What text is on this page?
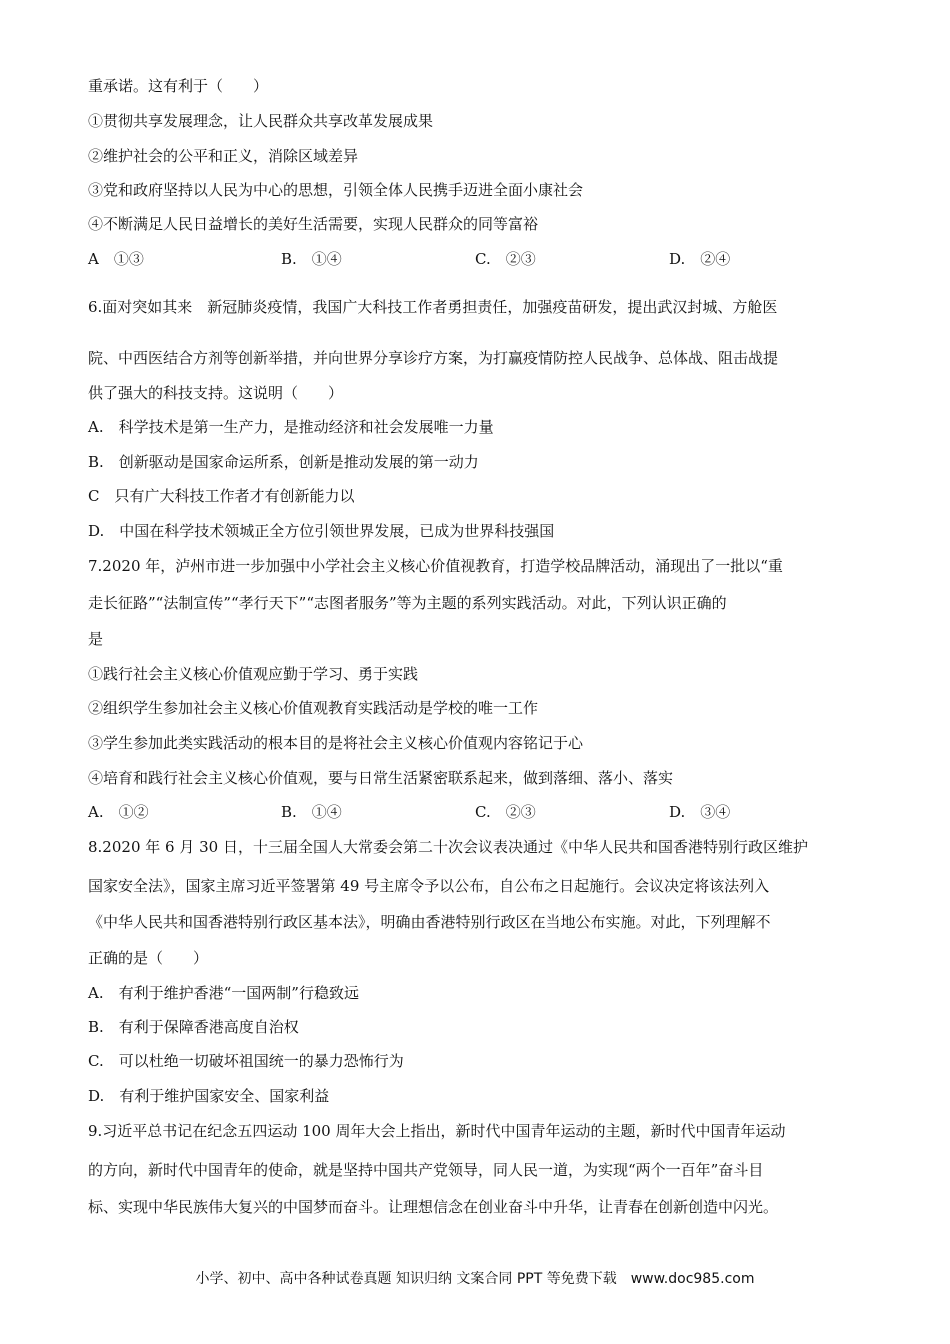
重承诺。这有利于（　　）
①贯彻共享发展理念，让人民群众共享改革发展成果
②维护社会的公平和正义，消除区域差异
③党和政府坚持以人民为中心的思想，引领全体人民携手迈进全面小康社会
④不断满足人民日益增长的美好生活需要，实现人民群众的同等富裕
A　①③	B.　①④	C.　②③	D.　②④
6.面对突如其来　新冠肺炎疫情，我国广大科技工作者勇担责任，加强疫苗研发，提出武汉封城、方舱医
院、中西医结合方剂等创新举措，并向世界分享诊疗方案，为打赢疫情防控人民战争、总体战、阻击战提
供了强大的科技支持。这说明（　　）
A.　科学技术是第一生产力，是推动经济和社会发展唯一力量
B.　创新驱动是国家命运所系，创新是推动发展的第一动力
C　只有广大科技工作者才有创新能力以
D.　中国在科学技术领城正全方位引领世界发展，已成为世界科技强国
7.2020 年，泸州市进一步加强中小学社会主义核心价值视教育，打造学校品牌活动，涌现出了一批以“重
走长征路”“法制宣传”“孝行天下”“志图者服务”等为主题的系列实践活动。对此，下列认识正确的
是
①践行社会主义核心价值观应勤于学习、勇于实践
②组织学生参加社会主义核心价值观教育实践活动是学校的唯一工作
③学生参加此类实践活动的根本目的是将社会主义核心价值观内容铭记于心
④培育和践行社会主义核心价值观，要与日常生活紧密联系起来，做到落细、落小、落实
A.　①②	B.　①④	C.　②③	D.　③④
8.2020 年 6 月 30 日，十三届全国人大常委会第二十次会议表决通过《中华人民共和国香港特别行政区维护
国家安全法》，国家主席习近平签署第 49 号主席令予以公布，自公布之日起施行。会议决定将该法列入
《中华人民共和国香港特别行政区基本法》，明确由香港特别行政区在当地公布实施。对此，下列理解不
正确的是（　　）
A.　有利于维护香港“一国两制”行稳致远
B.　有利于保障香港高度自治权
C.　可以杜绝一切破坏祖国统一的暴力恐怖行为
D.　有利于维护国家安全、国家利益
9.习近平总书记在纪念五四运动 100 周年大会上指出，新时代中国青年运动的主题，新时代中国青年运动
的方向，新时代中国青年的使命，就是坚持中国共产党领导，同人民一道，为实现“两个一百年”奋斗目
标、实现中华民族伟大复兴的中国梦而奋斗。让理想信念在创业奋斗中升华，让青春在创新创造中闪光。
小学、初中、高中各种试卷真题 知识归纳 文案合同 PPT 等免费下载　www.doc985.com
